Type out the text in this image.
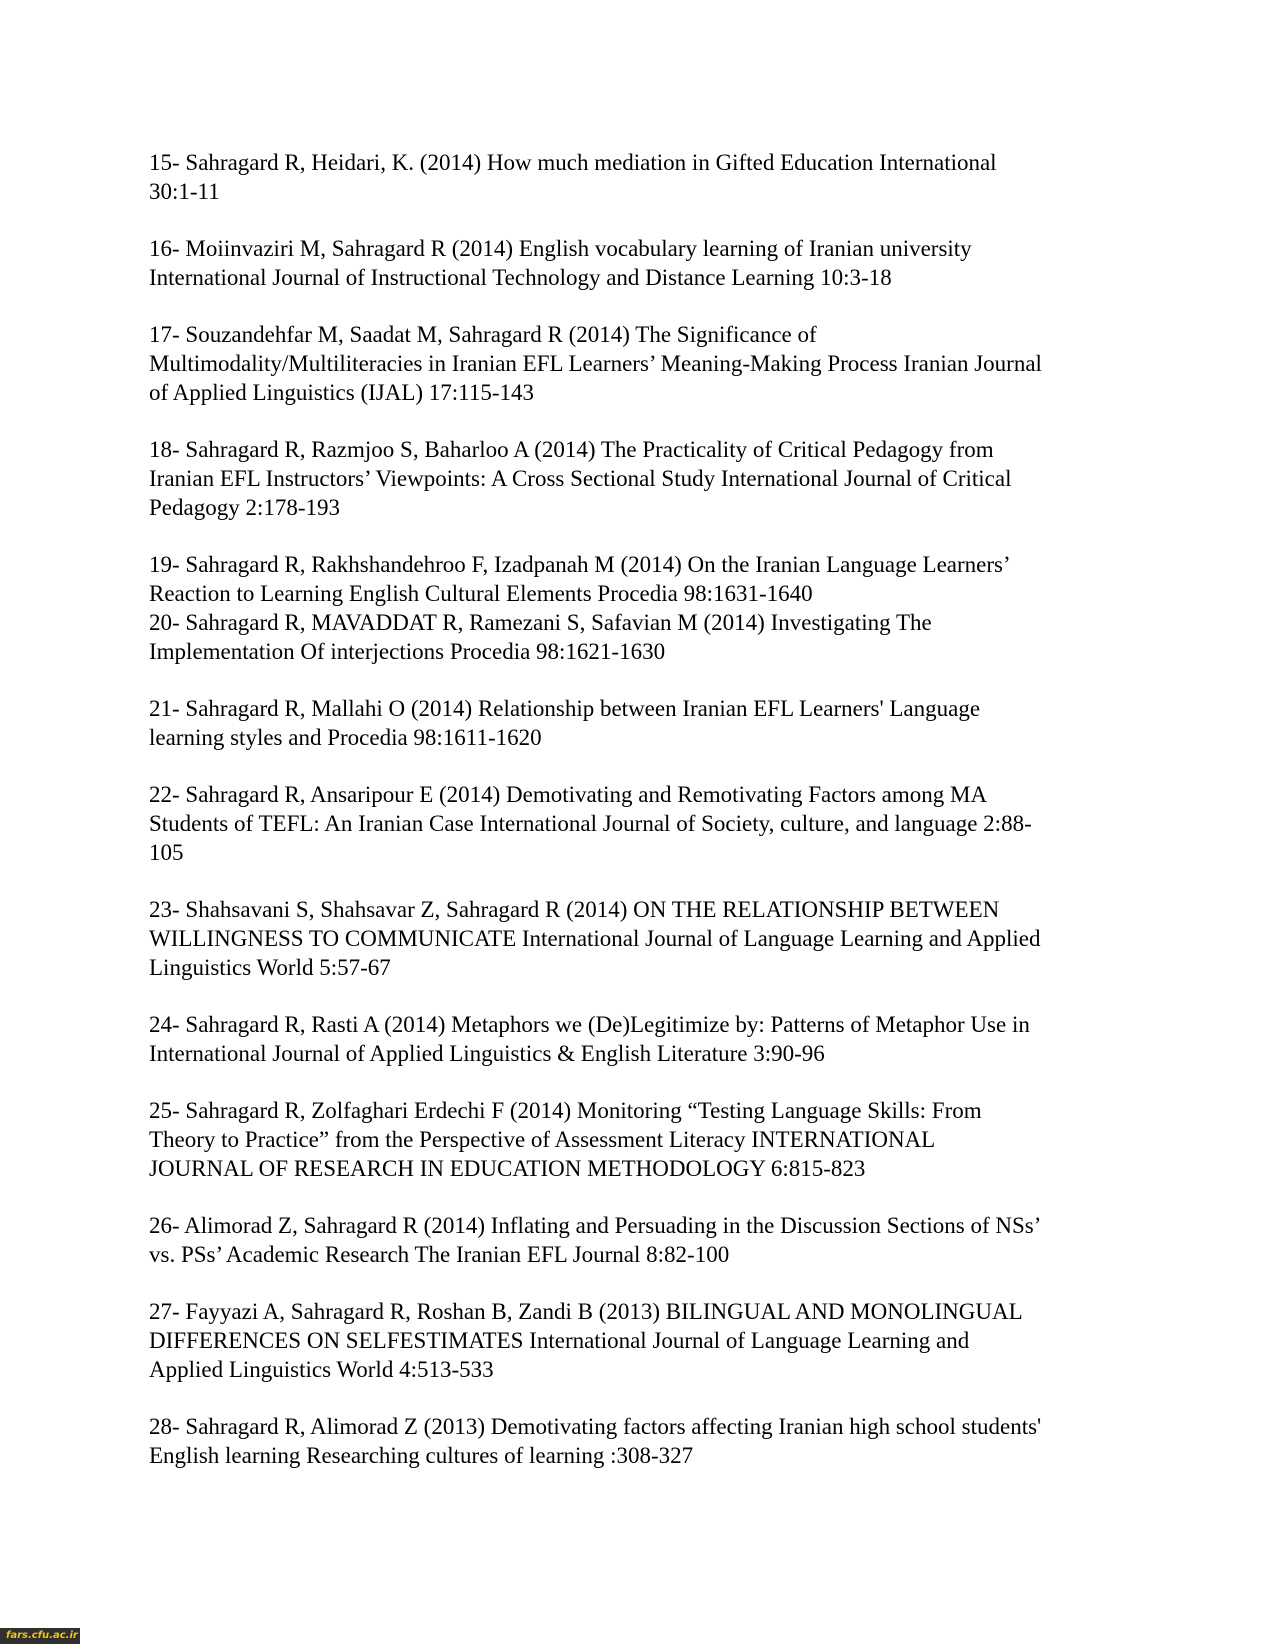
15- Sahragard R, Heidari, K. (2014) How much mediation in Gifted Education International
30:1-11

16- Moiinvaziri M, Sahragard R (2014) English vocabulary learning of Iranian university
International Journal of Instructional Technology and Distance Learning 10:3-18

17- Souzandehfar M, Saadat M, Sahragard R (2014) The Significance of
Multimodality/Multiliteracies in Iranian EFL Learners’ Meaning-Making Process Iranian Journal
of Applied Linguistics (IJAL) 17:115-143

18- Sahragard R, Razmjoo S, Baharloo A (2014) The Practicality of Critical Pedagogy from
Iranian EFL Instructors’ Viewpoints: A Cross Sectional Study International Journal of Critical
Pedagogy 2:178-193

19- Sahragard R, Rakhshandehroo F, Izadpanah M (2014) On the Iranian Language Learners’
Reaction to Learning English Cultural Elements Procedia 98:1631-1640

20- Sahragard R, MAVADDAT R, Ramezani S, Safavian M (2014) Investigating The
Implementation Of interjections Procedia 98:1621-1630

21- Sahragard R, Mallahi O (2014) Relationship between Iranian EFL Learners' Language
learning styles and Procedia 98:1611-1620

22- Sahragard R, Ansaripour E (2014) Demotivating and Remotivating Factors among MA
Students of TEFL: An Iranian Case International Journal of Society, culture, and language 2:88-
105

23- Shahsavani S, Shahsavar Z, Sahragard R (2014) ON THE RELATIONSHIP BETWEEN
WILLINGNESS TO COMMUNICATE International Journal of Language Learning and Applied
Linguistics World 5:57-67

24- Sahragard R, Rasti A (2014) Metaphors we (De)Legitimize by: Patterns of Metaphor Use in
International Journal of Applied Linguistics & English Literature 3:90-96

25- Sahragard R, Zolfaghari Erdechi F (2014) Monitoring “Testing Language Skills: From
Theory to Practice” from the Perspective of Assessment Literacy INTERNATIONAL
JOURNAL OF RESEARCH IN EDUCATION METHODOLOGY 6:815-823

26- Alimorad Z, Sahragard R (2014) Inflating and Persuading in the Discussion Sections of NSs’
vs. PSs’ Academic Research The Iranian EFL Journal 8:82-100

27- Fayyazi A, Sahragard R, Roshan B, Zandi B (2013) BILINGUAL AND MONOLINGUAL
DIFFERENCES ON SELFESTIMATES International Journal of Language Learning and
Applied Linguistics World 4:513-533

28- Sahragard R, Alimorad Z (2013) Demotivating factors affecting Iranian high school students'
English learning Researching cultures of learning :308-327

fars.cfu.ac.ir
